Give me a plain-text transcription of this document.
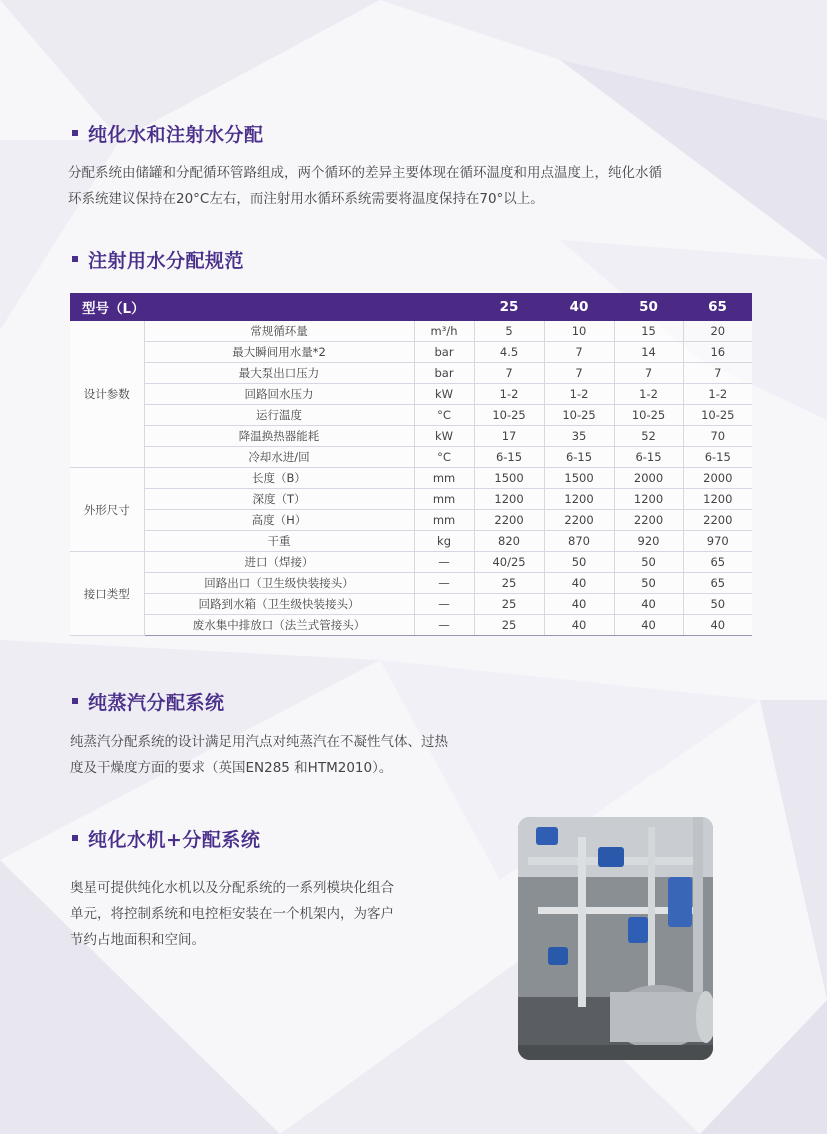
纯化水和注射水分配
分配系统由储罐和分配循环管路组成，两个循环的差异主要体现在循环温度和用点温度上，纯化水循
环系统建议保持在20°C左右，而注射用水循环系统需要将温度保持在70°以上。
注射用水分配规范
型号（L）			25	40	50	65
设计参数	常规循环量	m³/h	5	10	15	20
	最大瞬间用水量*2	bar	4.5	7	14	16
	最大泵出口压力	bar	7	7	7	7
	回路回水压力	kW	1-2	1-2	1-2	1-2
	运行温度	°C	10-25	10-25	10-25	10-25
	降温换热器能耗	kW	17	35	52	70
	冷却水进/回	°C	6-15	6-15	6-15	6-15
外形尺寸	长度（B）	mm	1500	1500	2000	2000
	深度（T）	mm	1200	1200	1200	1200
	高度（H）	mm	2200	2200	2200	2200
	干重	kg	820	870	920	970
接口类型	进口（焊接）	—	40/25	50	50	65
	回路出口（卫生级快装接头）	—	25	40	50	65
	回路到水箱（卫生级快装接头）	—	25	40	40	50
	废水集中排放口（法兰式管接头）	—	25	40	40	40
纯蒸汽分配系统
纯蒸汽分配系统的设计满足用汽点对纯蒸汽在不凝性气体、过热
度及干燥度方面的要求（英国EN285 和HTM2010）。
纯化水机+分配系统
奥星可提供纯化水机以及分配系统的一系列模块化组合
单元，将控制系统和电控柜安装在一个机架内，为客户
节约占地面积和空间。
